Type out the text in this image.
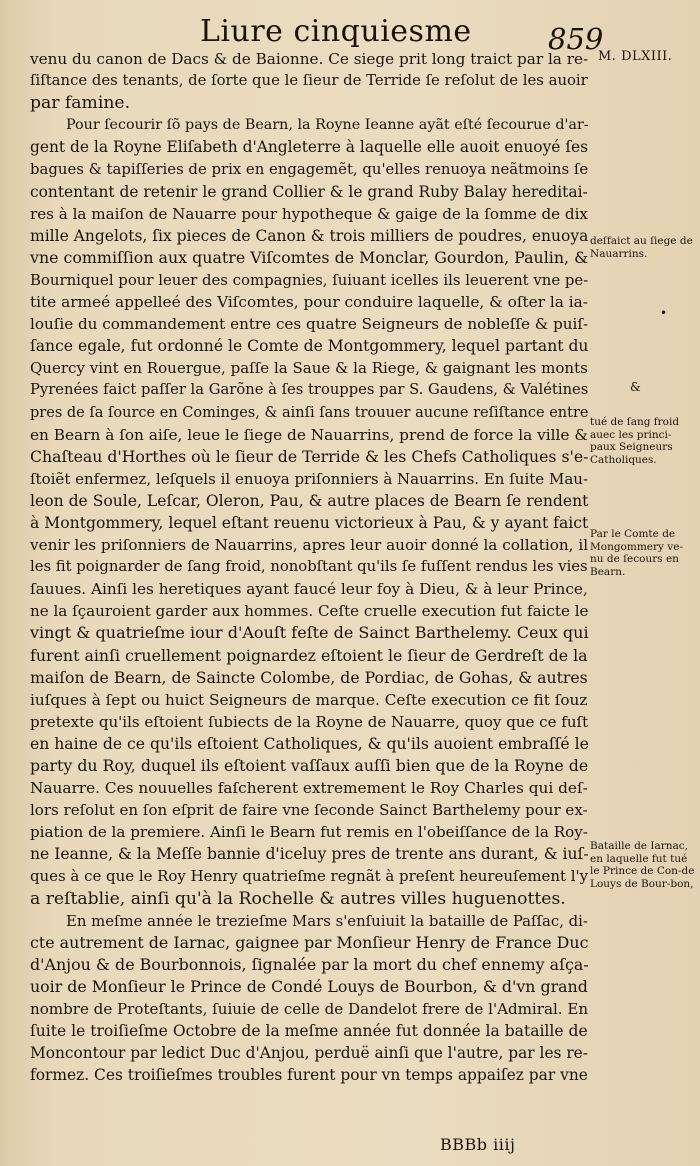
Liure cinquiesme	859
M. DLXIII.
venu du canon de Dacs & de Baionne. Ce siege prit long traict par la re-
ſiſtance des tenants, de ſorte que le ſieur de Terride ſe reſolut de les auoir
par famine.
Pour ſecourir ſõ pays de Bearn, la Royne Ieanne ayãt eſté ſecourue d'ar-
gent de la Royne Eliſabeth d'Angleterre à laquelle elle auoit enuoyé ſes
bagues & tapiſſeries de prix en engagemẽt, qu'elles renuoya neãtmoins ſe
contentant de retenir le grand Collier & le grand Ruby Balay hereditai-
res à la maiſon de Nauarre pour hypotheque & gaige de la ſomme de dix
mille Angelots, ſix pieces de Canon & trois milliers de poudres, enuoya
vne commiſſion aux quatre Viſcomtes de Monclar, Gourdon, Paulin, &
Bourniquel pour leuer des compagnies, ſuiuant icelles ils leuerent vne pe-
tite armeé appelleé des Viſcomtes, pour conduire laquelle, & oſter la ia-
louſie du commandement entre ces quatre Seigneurs de nobleſſe & puiſ-
ſance egale, fut ordonné le Comte de Montgommery, lequel partant du
Quercy vint en Rouergue, paſſe la Saue & la Riege, & gaignant les monts
Pyrenées faict paſſer la Garõne à ſes trouppes par S. Gaudens, & Valétines
pres de ſa ſource en Cominges, & ainſi ſans trouuer aucune reſiſtance entre
en Bearn à ſon aiſe, leue le ſiege de Nauarrins, prend de force la ville &
Chaſteau d'Horthes où le ſieur de Terride & les Chefs Catholiques s'e-
ſtoiẽt enfermez, leſquels il enuoya priſonniers à Nauarrins. En ſuite Mau-
leon de Soule, Leſcar, Oleron, Pau, & autre places de Bearn ſe rendent
à Montgommery, lequel eſtant reuenu victorieux à Pau, & y ayant faict
venir les priſonniers de Nauarrins, apres leur auoir donné la collation, il
les fit poignarder de ſang froid, nonobſtant qu'ils ſe fuſſent rendus les vies
ſauues. Ainſi les heretiques ayant faucé leur foy à Dieu, & à leur Prince,
ne la ſçauroient garder aux hommes. Ceſte cruelle execution fut faicte le
vingt & quatrieſme iour d'Aouſt feſte de Sainct Barthelemy. Ceux qui
furent ainſi cruellement poignardez eſtoient le ſieur de Gerdreſt de la
maiſon de Bearn, de Saincte Colombe, de Pordiac, de Gohas, & autres
iuſques à ſept ou huict Seigneurs de marque. Ceſte execution ce fit ſouz
pretexte qu'ils eſtoient ſubiects de la Royne de Nauarre, quoy que ce fuſt
en haine de ce qu'ils eſtoient Catholiques, & qu'ils auoient embraſſé le
party du Roy, duquel ils eſtoient vaſſaux auſſi bien que de la Royne de
Nauarre. Ces nouuelles faſcherent extremement le Roy Charles qui deſ-
lors reſolut en ſon eſprit de faire vne ſeconde Sainct Barthelemy pour ex-
piation de la premiere. Ainſi le Bearn fut remis en l'obeiſſance de la Roy-
ne Ieanne, & la Meſſe bannie d'iceluy pres de trente ans durant, & iuſ-
ques à ce que le Roy Henry quatrieſme regnãt à preſent heureuſement l'y
a reſtablie, ainſi qu'à la Rochelle & autres villes huguenottes.
En meſme année le trezieſme Mars s'enſuiuit la bataille de Paſſac, di-
cte autrement de Iarnac, gaignee par Monſieur Henry de France Duc
d'Anjou & de Bourbonnois, ſignalée par la mort du chef ennemy aſça-
uoir de Monſieur le Prince de Condé Louys de Bourbon, & d'vn grand
nombre de Proteſtants, ſuiuie de celle de Dandelot frere de l'Admiral. En
ſuite le troiſieſme Octobre de la meſme année fut donnée la bataille de
Moncontour par ledict Duc d'Anjou, perduë ainſi que l'autre, par les re-
formez. Ces troiſieſmes troubles furent pour vn temps appaiſez par vne
deſfaict au ſiege de Nauarrins.
tué de ſang froid auec les princi-paux Seigneurs Catholiques.
Par le Comte de Mongommery ve-nu de ſecours en Bearn.
Bataille de Iarnac, en laquelle fut tué le Prince de Con-de Louys de Bour-bon,
•
&
BBBb iiij
